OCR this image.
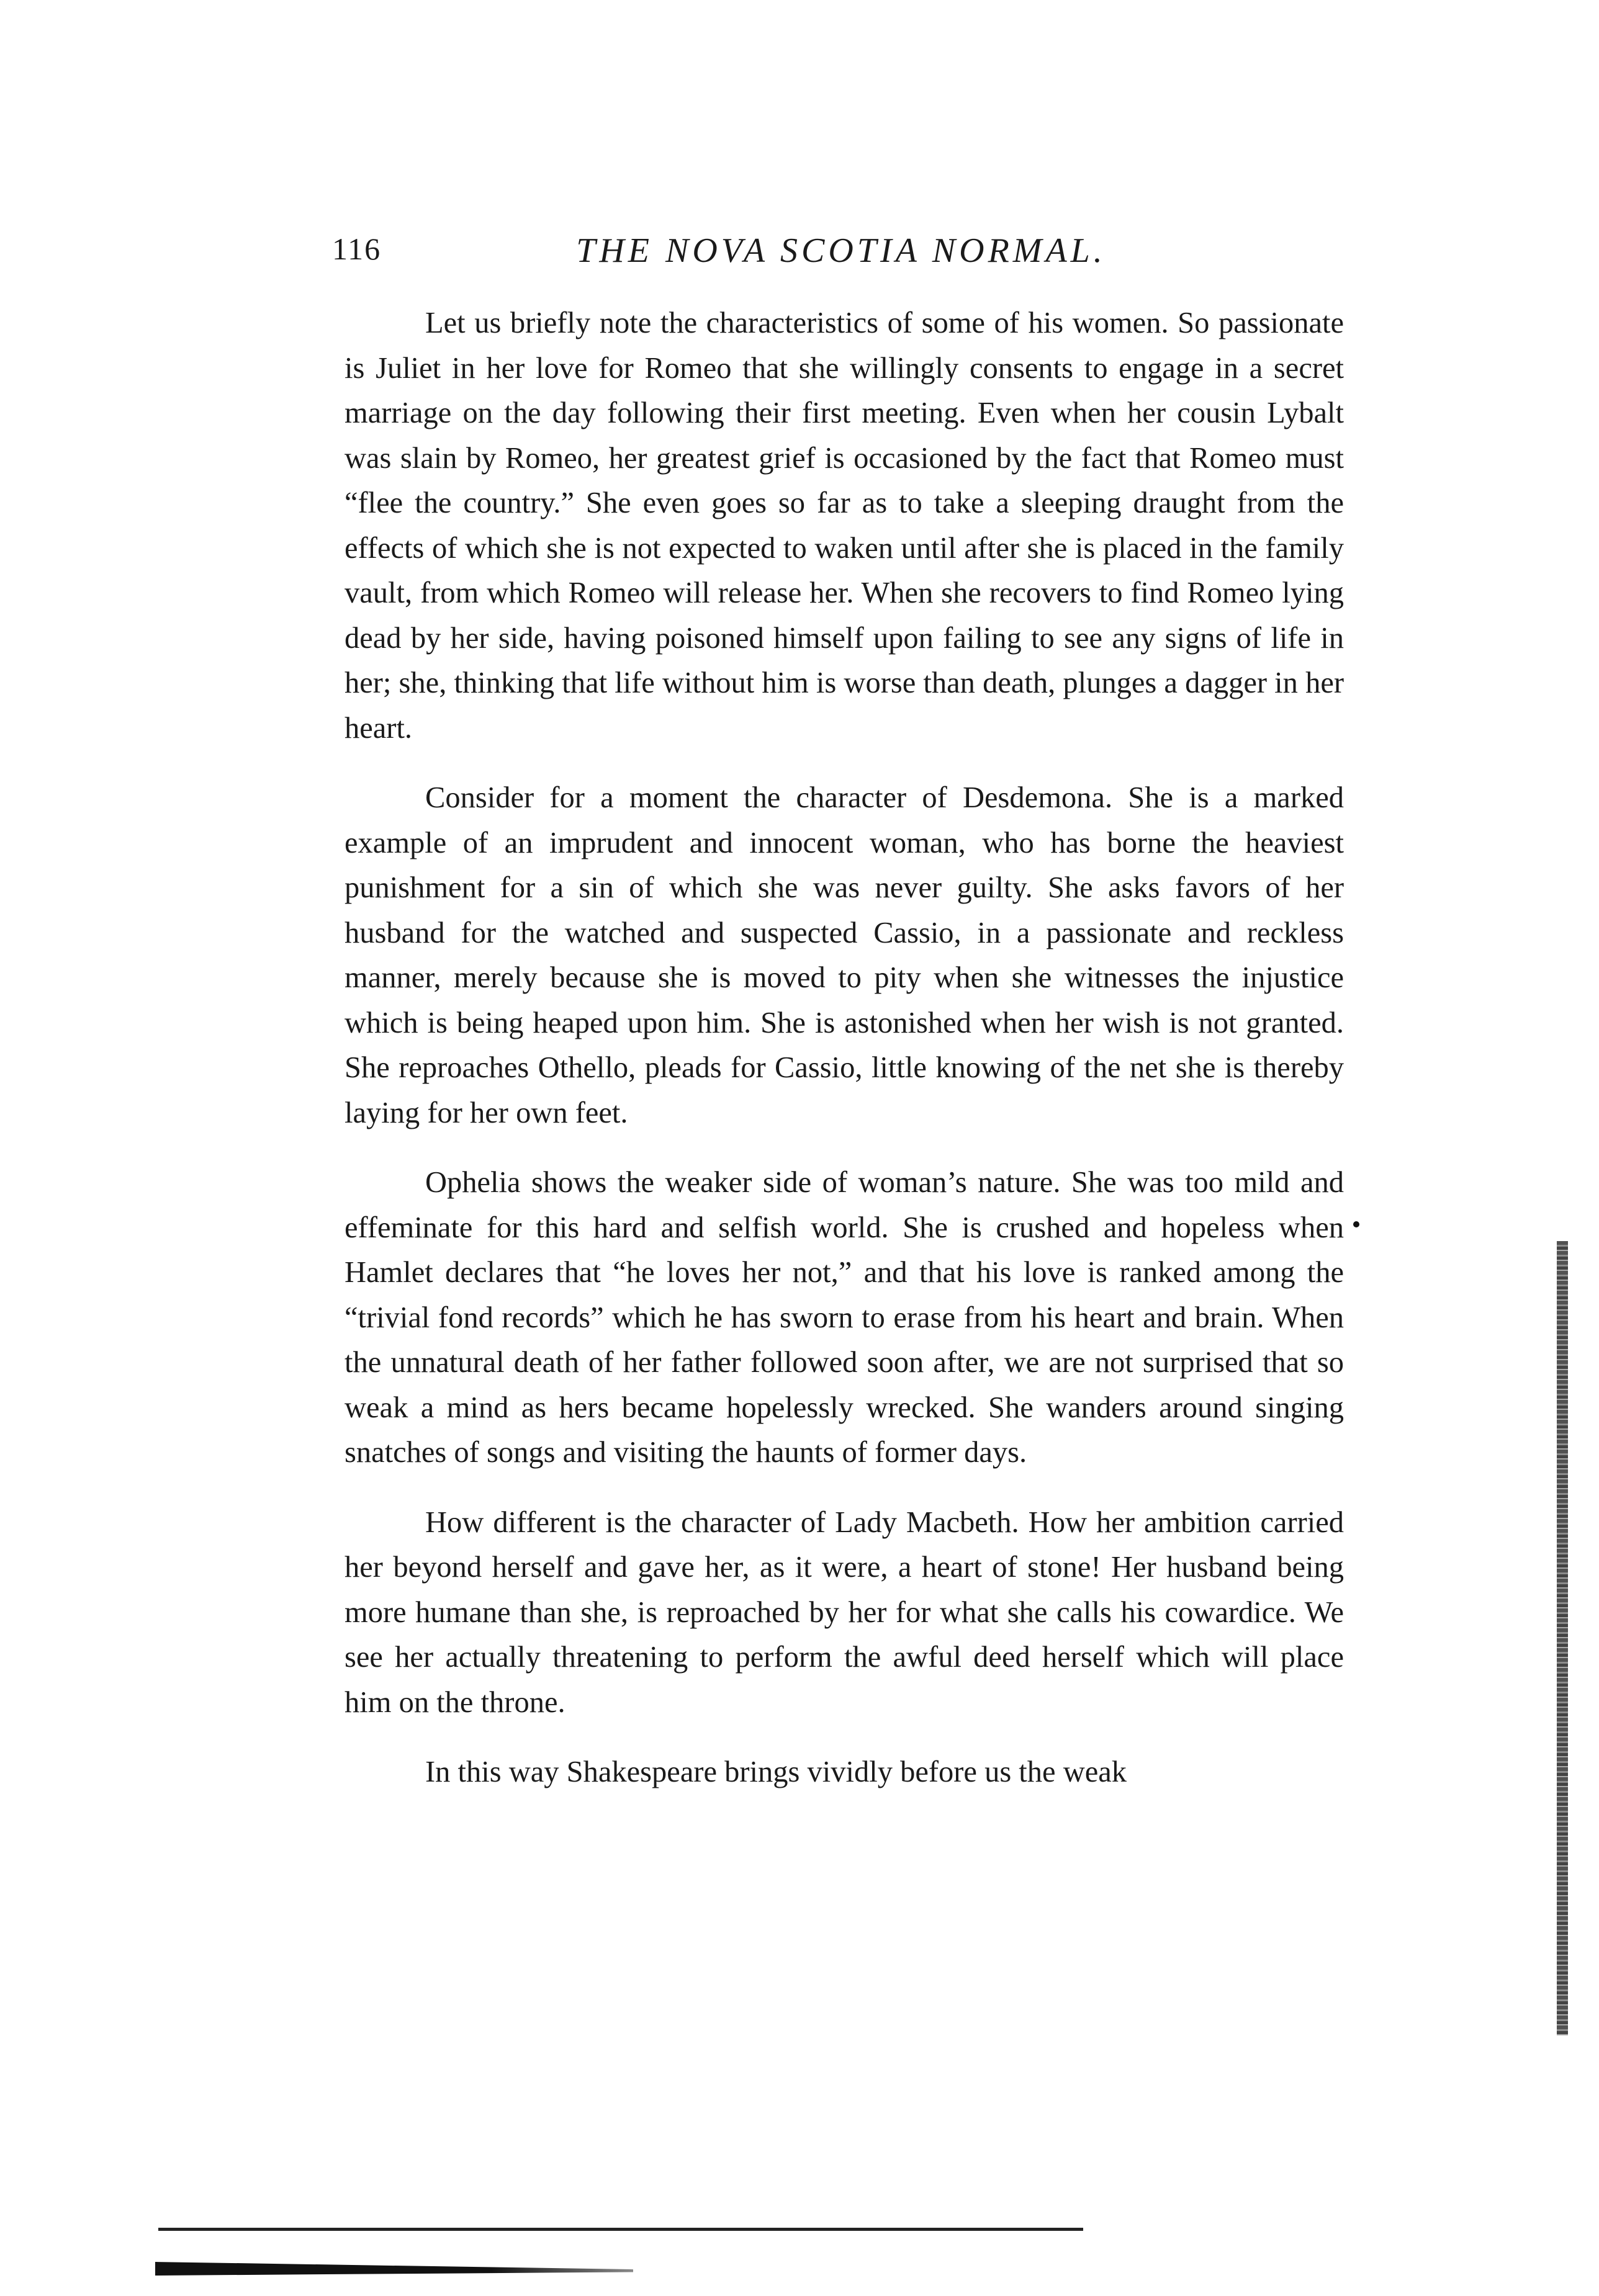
116	THE NOVA SCOTIA NORMAL.

Let us briefly note the characteristics of some of his women. So passionate is Juliet in her love for Romeo that she willingly consents to engage in a secret marriage on the day following their first meeting. Even when her cousin Lybalt was slain by Romeo, her greatest grief is occasioned by the fact that Romeo must “flee the country.” She even goes so far as to take a sleeping draught from the effects of which she is not expected to waken until after she is placed in the family vault, from which Romeo will release her. When she recovers to find Romeo lying dead by her side, having poisoned himself upon failing to see any signs of life in her; she, thinking that life without him is worse than death, plunges a dagger in her heart.

Consider for a moment the character of Desdemona. She is a marked example of an imprudent and innocent woman, who has borne the heaviest punishment for a sin of which she was never guilty. She asks favors of her husband for the watched and suspected Cassio, in a passionate and reckless manner, merely because she is moved to pity when she witnesses the injustice which is being heaped upon him. She is astonished when her wish is not granted. She reproaches Othello, pleads for Cassio, little knowing of the net she is thereby laying for her own feet.

Ophelia shows the weaker side of woman’s nature. She was too mild and effeminate for this hard and selfish world. She is crushed and hopeless when Hamlet declares that “he loves her not,” and that his love is ranked among the “trivial fond records” which he has sworn to erase from his heart and brain. When the unnatural death of her father followed soon after, we are not surprised that so weak a mind as hers became hopelessly wrecked. She wanders around singing snatches of songs and visiting the haunts of former days.

How different is the character of Lady Macbeth. How her ambition carried her beyond herself and gave her, as it were, a heart of stone! Her husband being more humane than she, is reproached by her for what she calls his cowardice. We see her actually threatening to perform the awful deed herself which will place him on the throne.

In this way Shakespeare brings vividly before us the weak
